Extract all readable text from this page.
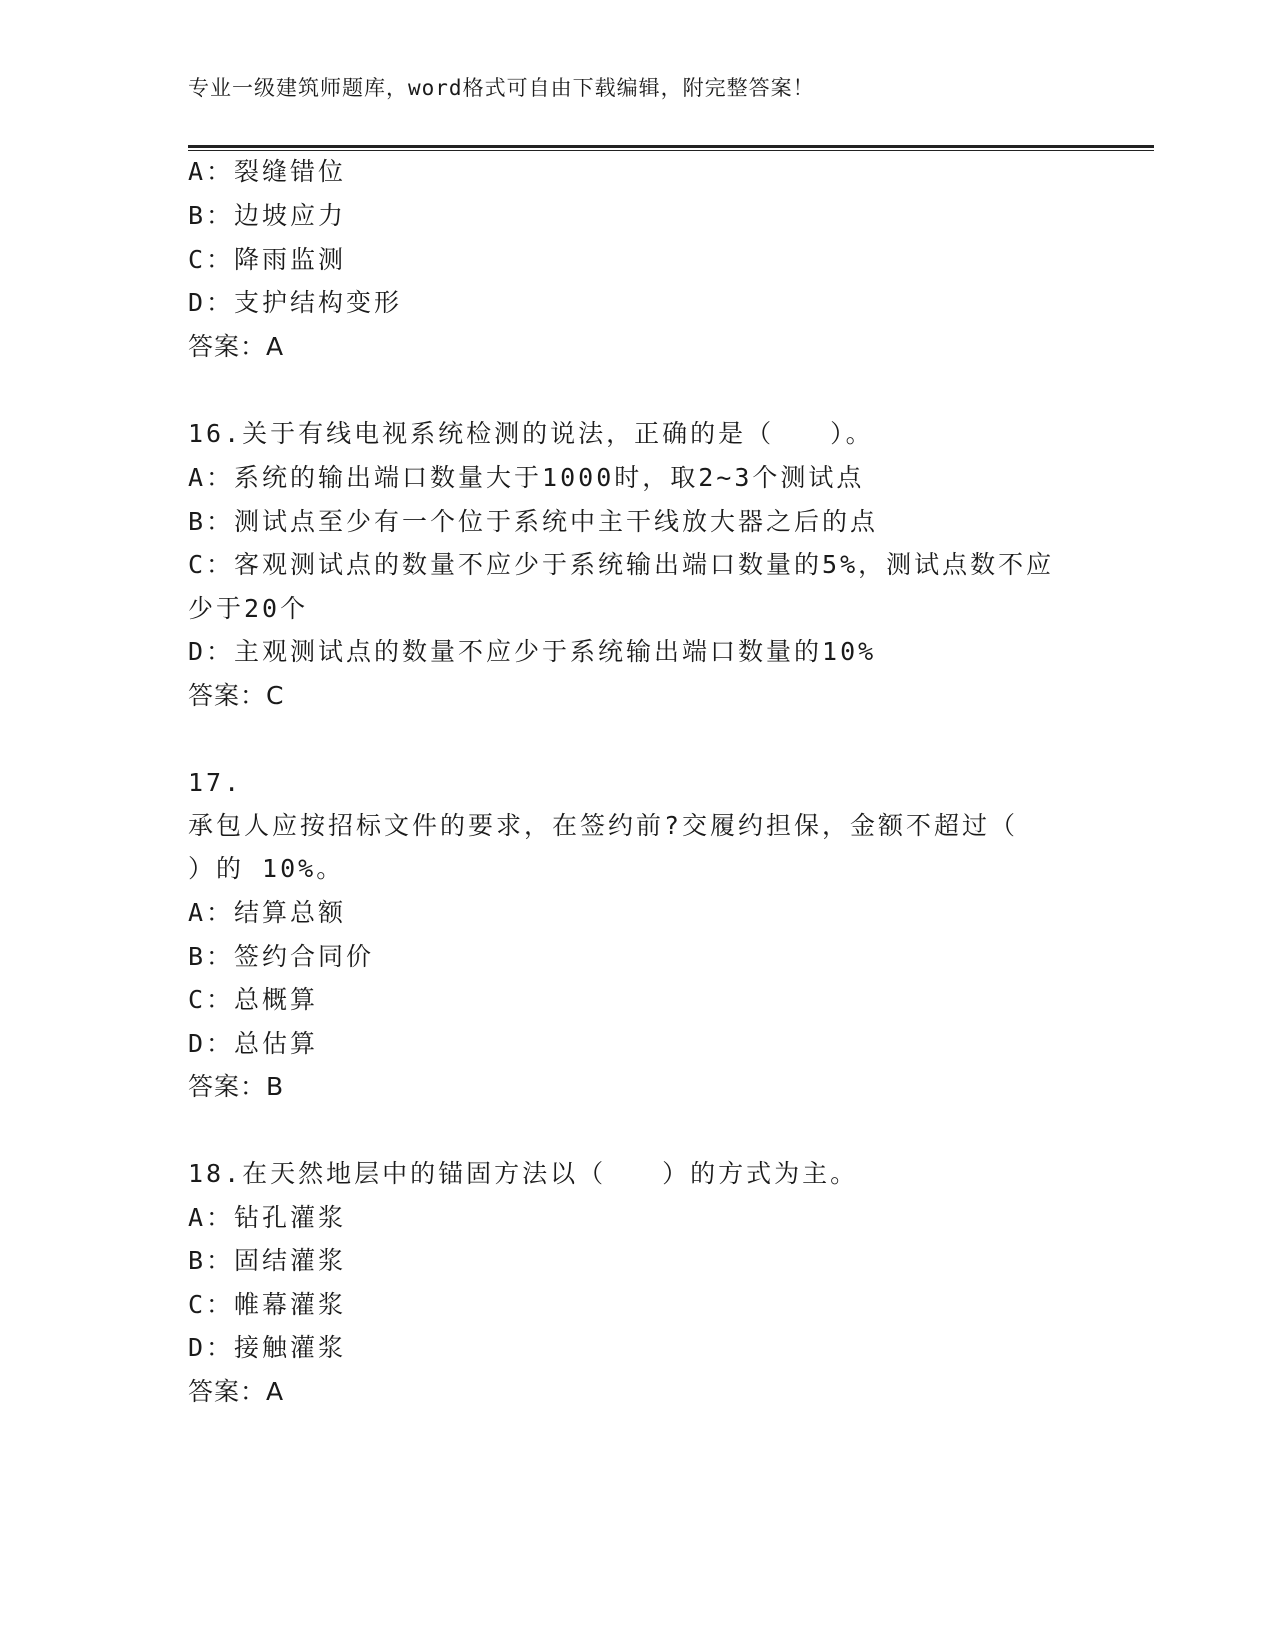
专业一级建筑师题库，word格式可自由下载编辑，附完整答案！
A：裂缝错位
B：边坡应力
C：降雨监测
D：支护结构变形
答案：A
16.关于有线电视系统检测的说法，正确的是（　　）。
A：系统的输出端口数量大于1000时，取2~3个测试点
B：测试点至少有一个位于系统中主干线放大器之后的点
C：客观测试点的数量不应少于系统输出端口数量的5%，测试点数不应
少于20个
D：主观测试点的数量不应少于系统输出端口数量的10%
答案：C
17.
承包人应按招标文件的要求，在签约前?交履约担保，金额不超过（
）的 10%。
A：结算总额
B：签约合同价
C：总概算
D：总估算
答案：B
18.在天然地层中的锚固方法以（　　）的方式为主。
A：钻孔灌浆
B：固结灌浆
C：帷幕灌浆
D：接触灌浆
答案：A
